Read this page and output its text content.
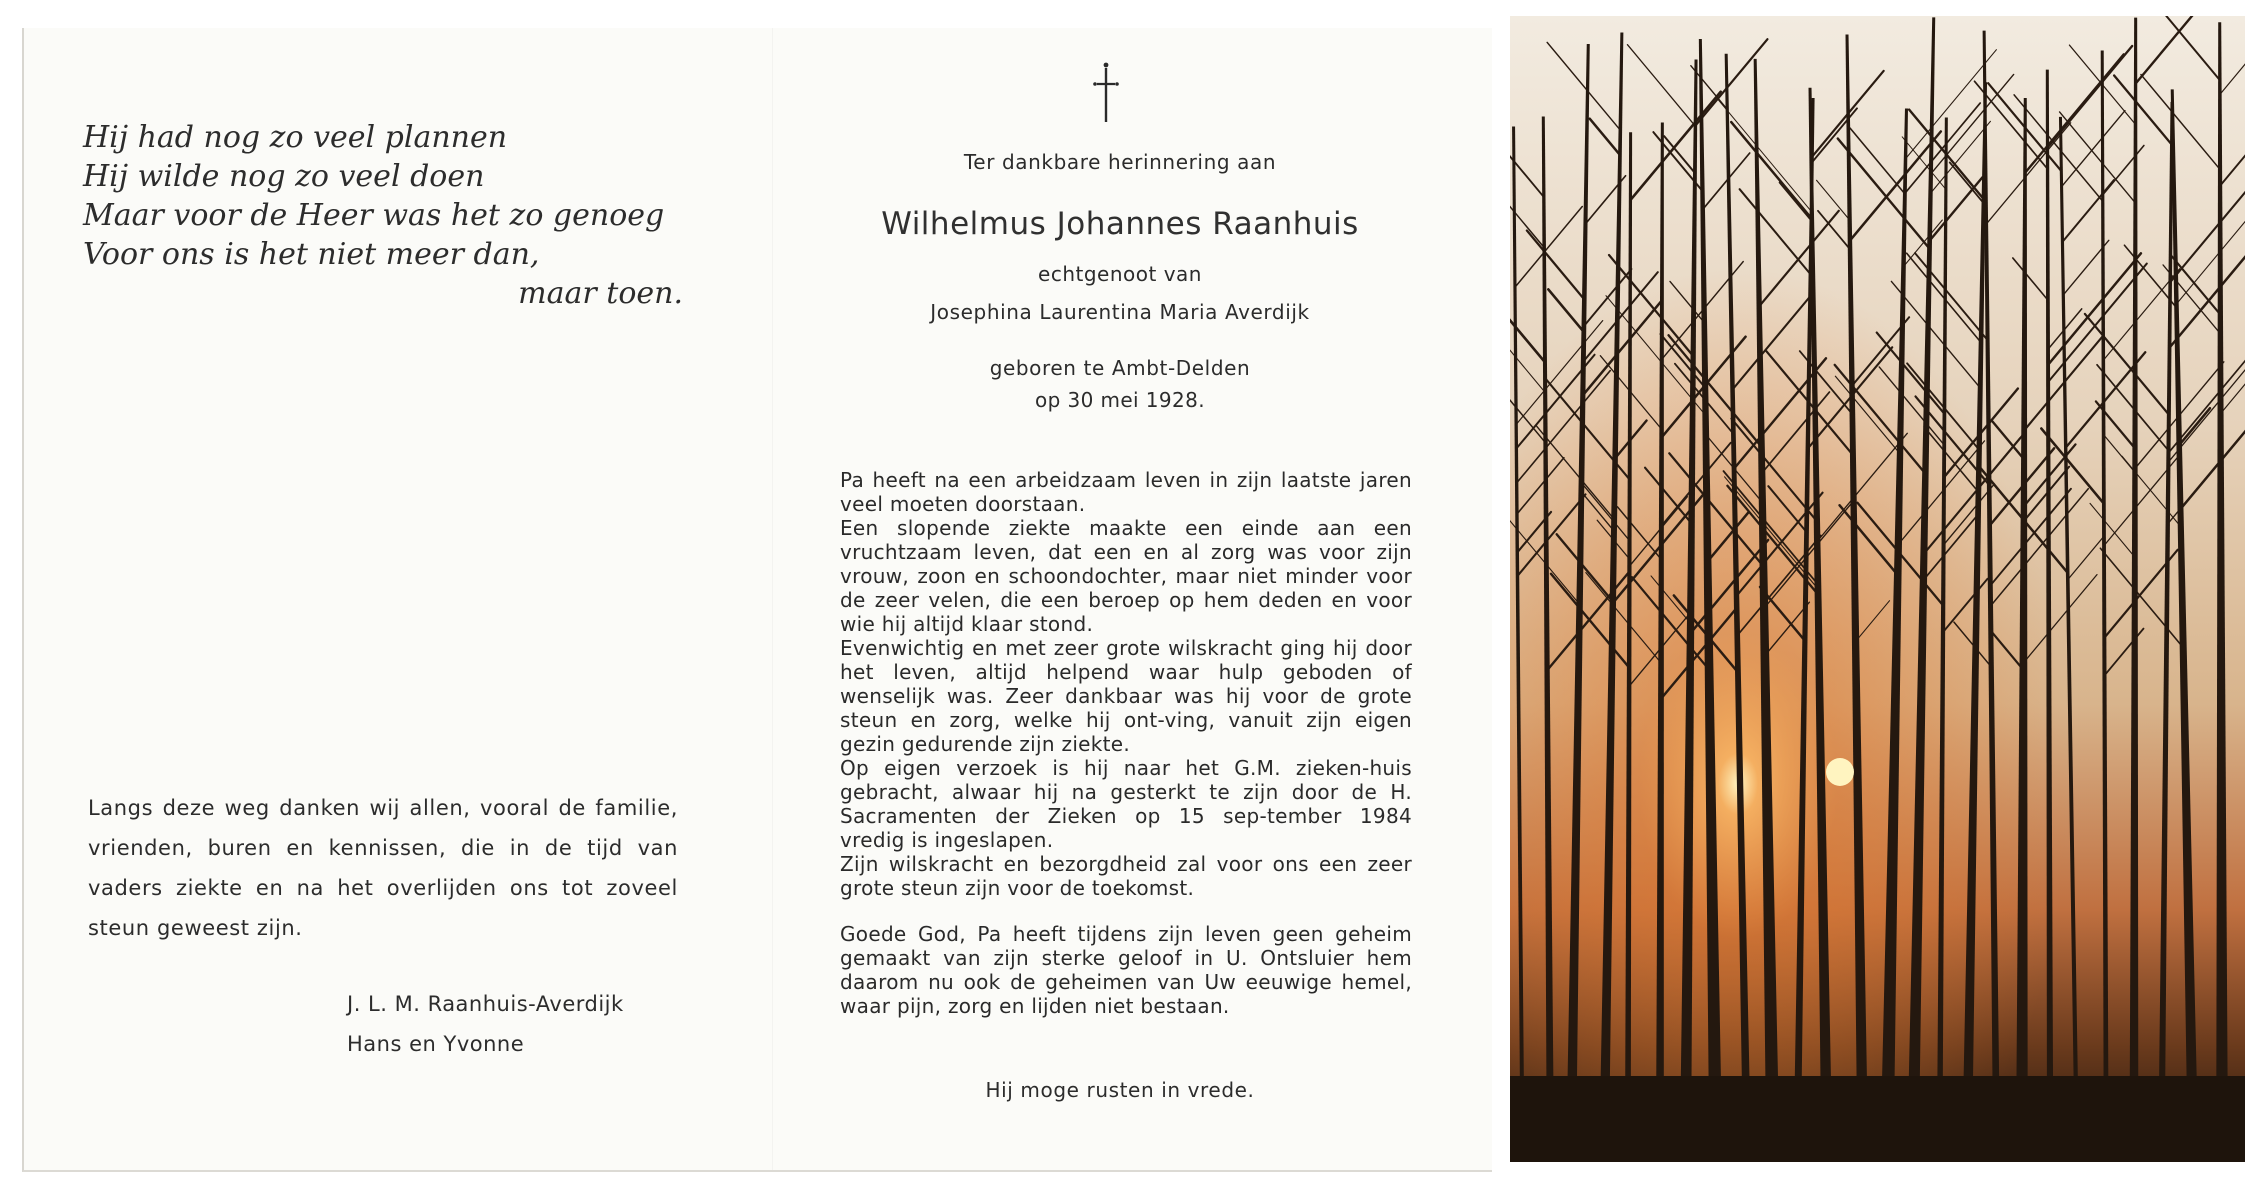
Hij had nog zo veel plannen
Hij wilde nog zo veel doen
Maar voor de Heer was het zo genoeg
Voor ons is het niet meer dan,
maar toen.
Langs deze weg danken wij allen, vooral de familie, vrienden, buren en kennissen, die in de tijd van vaders ziekte en na het overlijden ons tot zoveel steun geweest zijn.
J. L. M. Raanhuis-Averdijk
Hans en Yvonne
Ter dankbare herinnering aan
Wilhelmus Johannes Raanhuis
echtgenoot van
Josephina Laurentina Maria Averdijk
geboren te Ambt-Delden
op 30 mei 1928.

Pa heeft na een arbeidzaam leven in zijn laatste jaren veel moeten doorstaan.

Een slopende ziekte maakte een einde aan een vruchtzaam leven, dat een en al zorg was voor zijn vrouw, zoon en schoondochter, maar niet minder voor de zeer velen, die een beroep op hem deden en voor wie hij altijd klaar stond.

Evenwichtig en met zeer grote wilskracht ging hij door het leven, altijd helpend waar hulp geboden of wenselijk was. Zeer dankbaar was hij voor de grote steun en zorg, welke hij ont-ving, vanuit zijn eigen gezin gedurende zijn ziekte.

Op eigen verzoek is hij naar het G.M. zieken-huis gebracht, alwaar hij na gesterkt te zijn door de H. Sacramenten der Zieken op 15 sep-tember 1984 vredig is ingeslapen.

Zijn wilskracht en bezorgdheid zal voor ons een zeer grote steun zijn voor de toekomst.

Goede God, Pa heeft tijdens zijn leven geen geheim gemaakt van zijn sterke geloof in U. Ontsluier hem daarom nu ook de geheimen van Uw eeuwige hemel, waar pijn, zorg en lijden niet bestaan.

Hij moge rusten in vrede.
